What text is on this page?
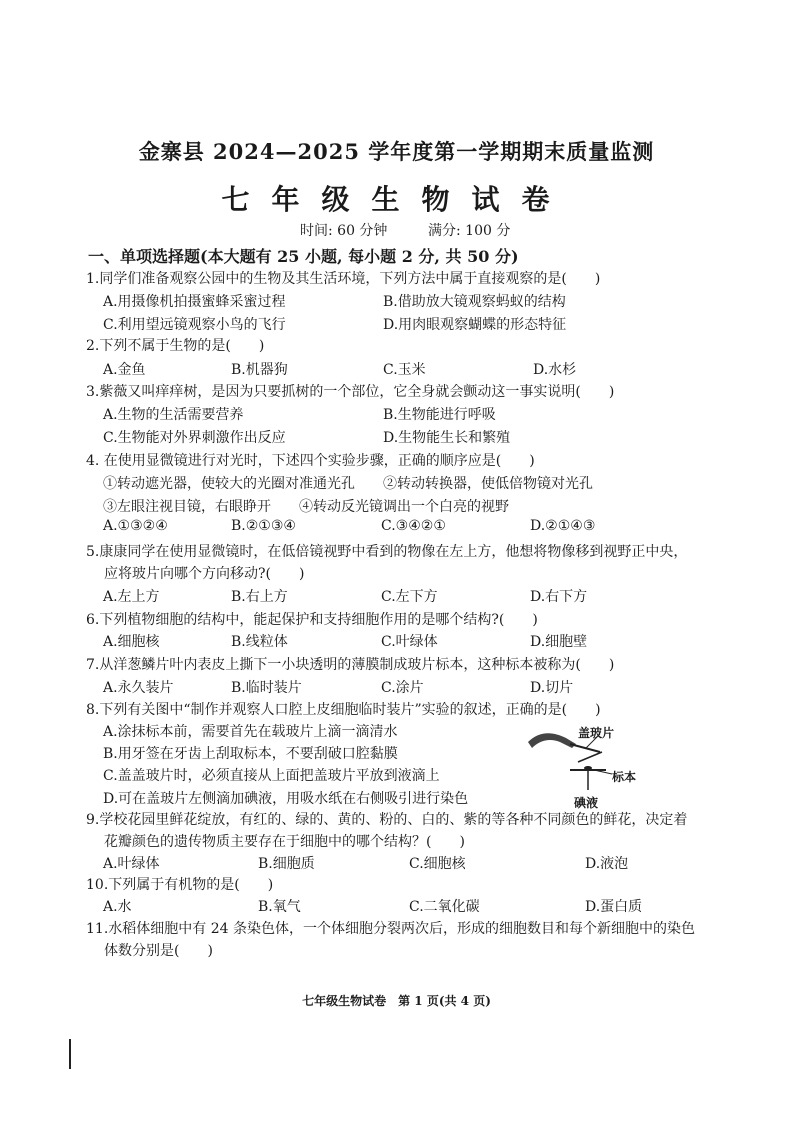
金寨县 2024—2025 学年度第一学期期末质量监测
七年级生物试卷
时间: 60 分钟	满分: 100 分
一、单项选择题(本大题有 25 小题, 每小题 2 分, 共 50 分)
1.同学们准备观察公园中的生物及其生活环境，下列方法中属于直接观察的是(　　)
A.用摄像机拍摄蜜蜂采蜜过程	B.借助放大镜观察蚂蚁的结构
C.利用望远镜观察小鸟的飞行	D.用肉眼观察蝴蝶的形态特征
2.下列不属于生物的是(　　)
A.金鱼	B.机器狗	C.玉米	D.水杉
3.紫薇又叫痒痒树，是因为只要抓树的一个部位，它全身就会颤动这一事实说明(　　)
A.生物的生活需要营养	B.生物能进行呼吸
C.生物能对外界刺激作出反应	D.生物能生长和繁殖
4. 在使用显微镜进行对光时，下述四个实验步骤，正确的顺序应是(　　)
①转动遮光器，使较大的光圈对准通光孔　　②转动转换器，使低倍物镜对光孔
③左眼注视目镜，右眼睁开　　④转动反光镜调出一个白亮的视野
A.①③②④	B.②①③④	C.③④②①	D.②①④③
5.康康同学在使用显微镜时，在低倍镜视野中看到的物像在左上方，他想将物像移到视野正中央，
应将玻片向哪个方向移动?(　　)
A.左上方	B.右上方	C.左下方	D.右下方
6.下列植物细胞的结构中，能起保护和支持细胞作用的是哪个结构?(　　)
A.细胞核	B.线粒体	C.叶绿体	D.细胞壁
7.从洋葱鳞片叶内表皮上撕下一小块透明的薄膜制成玻片标本，这种标本被称为(　　)
A.永久装片	B.临时装片	C.涂片	D.切片
8.下列有关图中“制作并观察人口腔上皮细胞临时装片”实验的叙述，正确的是(　　)
A.涂抹标本前，需要首先在载玻片上滴一滴清水
B.用牙签在牙齿上刮取标本，不要刮破口腔黏膜
C.盖盖玻片时，必须直接从上面把盖玻片平放到液滴上
D.可在盖玻片左侧滴加碘液，用吸水纸在右侧吸引进行染色
盖玻片
标本
碘液
9.学校花园里鲜花绽放，有红的、绿的、黄的、粉的、白的、紫的等各种不同颜色的鲜花，决定着
花瓣颜色的遗传物质主要存在于细胞中的哪个结构？(　　)
A.叶绿体	B.细胞质	C.细胞核	D.液泡
10.下列属于有机物的是(　　)
A.水	B.氧气	C.二氧化碳	D.蛋白质
11.水稻体细胞中有 24 条染色体，一个体细胞分裂两次后，形成的细胞数目和每个新细胞中的染色
体数分别是(　　)
七年级生物试卷　第 1 页(共 4 页)
